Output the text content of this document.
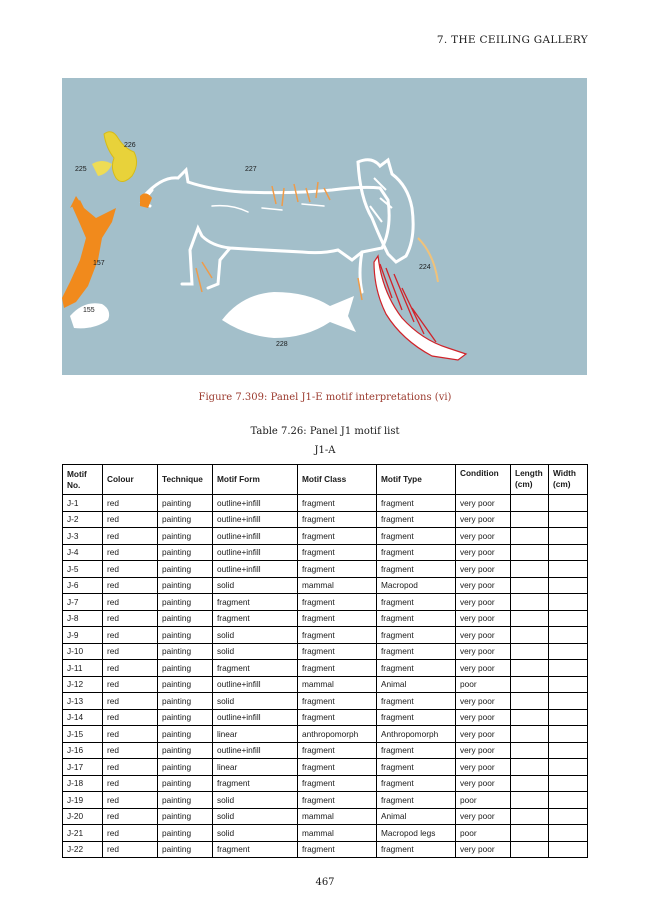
7. THE CEILING GALLERY
226
225	227
157
155
224
228
Figure 7.309: Panel J1-E motif interpretations (vi)
Table 7.26: Panel J1 motif list
J1-A
Motif No.	Colour	Technique	Motif Form	Motif Class	Motif Type	Condition	Length (cm)	Width (cm)
J-1	red	painting	outline+infill	fragment	fragment	very poor		
J-2	red	painting	outline+infill	fragment	fragment	very poor		
J-3	red	painting	outline+infill	fragment	fragment	very poor		
J-4	red	painting	outline+infill	fragment	fragment	very poor		
J-5	red	painting	outline+infill	fragment	fragment	very poor		
J-6	red	painting	solid	mammal	Macropod	very poor		
J-7	red	painting	fragment	fragment	fragment	very poor		
J-8	red	painting	fragment	fragment	fragment	very poor		
J-9	red	painting	solid	fragment	fragment	very poor		
J-10	red	painting	solid	fragment	fragment	very poor		
J-11	red	painting	fragment	fragment	fragment	very poor		
J-12	red	painting	outline+infill	mammal	Animal	poor		
J-13	red	painting	solid	fragment	fragment	very poor		
J-14	red	painting	outline+infill	fragment	fragment	very poor		
J-15	red	painting	linear	anthropomorph	Anthropomorph	very poor		
J-16	red	painting	outline+infill	fragment	fragment	very poor		
J-17	red	painting	linear	fragment	fragment	very poor		
J-18	red	painting	fragment	fragment	fragment	very poor		
J-19	red	painting	solid	fragment	fragment	poor		
J-20	red	painting	solid	mammal	Animal	very poor		
J-21	red	painting	solid	mammal	Macropod legs	poor		
J-22	red	painting	fragment	fragment	fragment	very poor		
467
